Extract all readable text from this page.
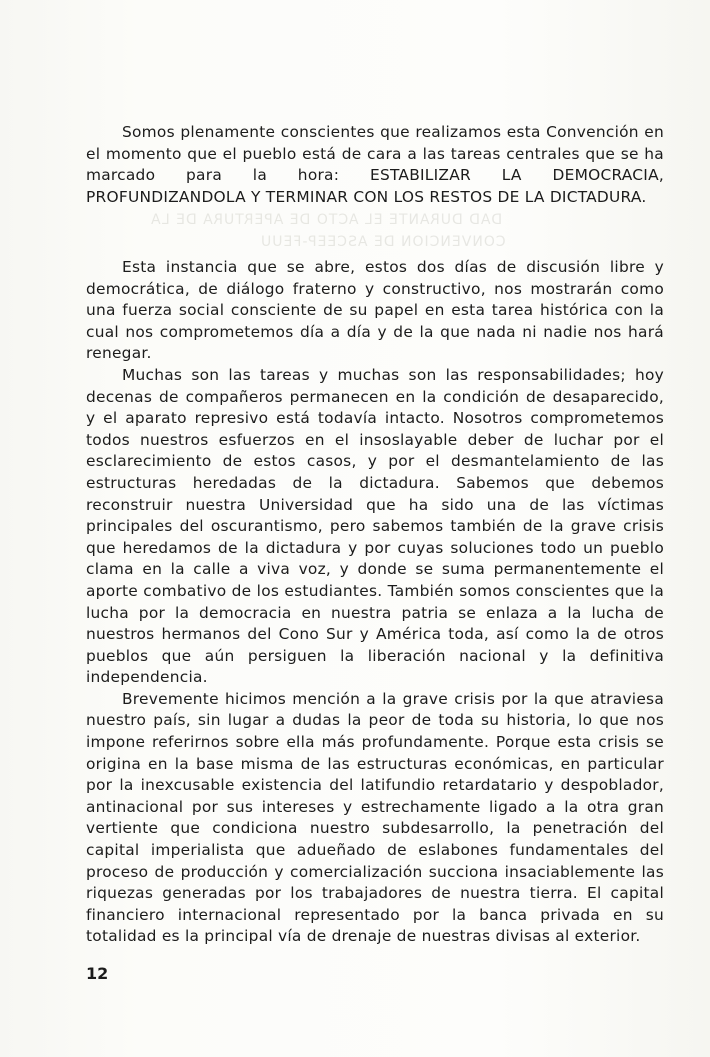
DAD DURANTE EL ACTO DE APERTURA DE LA
CONVENCION DE ASCEEP-FEUU

Somos plenamente conscientes que realizamos esta Convención en el momento que el pueblo está de cara a las tareas centrales que se ha marcado para la hora: ESTABILIZAR LA DEMOCRACIA, PROFUNDIZANDOLA Y TERMINAR CON LOS RESTOS DE LA DICTADURA.

Esta instancia que se abre, estos dos días de discusión libre y democrática, de diálogo fraterno y constructivo, nos mostrarán como una fuerza social consciente de su papel en esta tarea histórica con la cual nos comprometemos día a día y de la que nada ni nadie nos hará renegar.

Muchas son las tareas y muchas son las responsabilidades; hoy decenas de compañeros permanecen en la condición de desaparecido, y el aparato represivo está todavía intacto. Nosotros comprometemos todos nuestros esfuerzos en el insoslayable deber de luchar por el esclarecimiento de estos casos, y por el desmantelamiento de las estructuras heredadas de la dictadura. Sabemos que debemos reconstruir nuestra Universidad que ha sido una de las víctimas principales del oscurantismo, pero sabemos también de la grave crisis que heredamos de la dictadura y por cuyas soluciones todo un pueblo clama en la calle a viva voz, y donde se suma permanentemente el aporte combativo de los estudiantes. También somos conscientes que la lucha por la democracia en nuestra patria se enlaza a la lucha de nuestros hermanos del Cono Sur y América toda, así como la de otros pueblos que aún persiguen la liberación nacional y la definitiva independencia.

Brevemente hicimos mención a la grave crisis por la que atraviesa nuestro país, sin lugar a dudas la peor de toda su historia, lo que nos impone referirnos sobre ella más profundamente. Porque esta crisis se origina en la base misma de las estructuras económicas, en particular por la inexcusable existencia del latifundio retardatario y despoblador, antinacional por sus intereses y estrechamente ligado a la otra gran vertiente que condiciona nuestro subdesarrollo, la penetración del capital imperialista que adueñado de eslabones fundamentales del proceso de producción y comercialización succiona insaciablemente las riquezas generadas por los trabajadores de nuestra tierra. El capital financiero internacional representado por la banca privada en su totalidad es la principal vía de drenaje de nuestras divisas al exterior.

12
